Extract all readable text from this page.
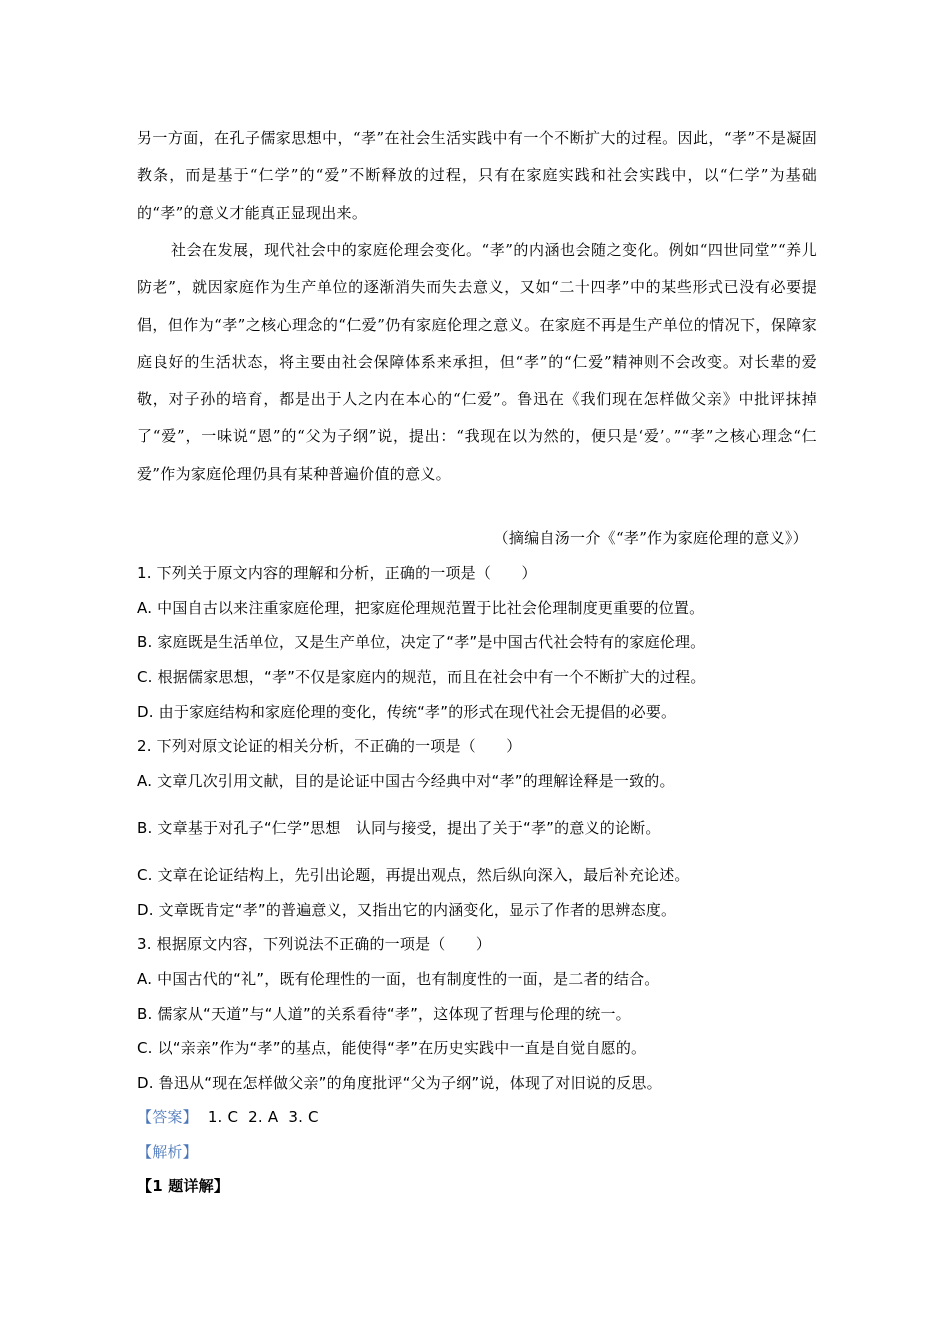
另一方面，在孔子儒家思想中，“孝”在社会生活实践中有一个不断扩大的过程。因此，“孝”不是凝固教条，而是基于“仁学”的“爱”不断释放的过程，只有在家庭实践和社会实践中，以“仁学”为基础的“孝”的意义才能真正显现出来。
社会在发展，现代社会中的家庭伦理会变化。“孝”的内涵也会随之变化。例如“四世同堂”“养儿防老”，就因家庭作为生产单位的逐渐消失而失去意义，又如“二十四孝”中的某些形式已没有必要提倡，但作为“孝”之核心理念的“仁爱”仍有家庭伦理之意义。在家庭不再是生产单位的情况下，保障家庭良好的生活状态，将主要由社会保障体系来承担，但“孝”的“仁爱”精神则不会改变。对长辈的爱敬，对子孙的培育，都是出于人之内在本心的“仁爱”。鲁迅在《我们现在怎样做父亲》中批评抹掉了“爱”，一味说“恩”的“父为子纲”说，提出：“我现在以为然的，便只是‘爱’。”“孝”之核心理念“仁爱”作为家庭伦理仍具有某种普遍价值的意义。
（摘编自汤一介《“孝”作为家庭伦理的意义》）
1. 下列关于原文内容的理解和分析，正确的一项是（　　）
A. 中国自古以来注重家庭伦理，把家庭伦理规范置于比社会伦理制度更重要的位置。
B. 家庭既是生活单位，又是生产单位，决定了“孝”是中国古代社会特有的家庭伦理。
C. 根据儒家思想，“孝”不仅是家庭内的规范，而且在社会中有一个不断扩大的过程。
D. 由于家庭结构和家庭伦理的变化，传统“孝”的形式在现代社会无提倡的必要。
2. 下列对原文论证的相关分析，不正确的一项是（　　）
A. 文章几次引用文献，目的是论证中国古今经典中对“孝”的理解诠释是一致的。
B. 文章基于对孔子“仁学”思想　认同与接受，提出了关于“孝”的意义的论断。
C. 文章在论证结构上，先引出论题，再提出观点，然后纵向深入，最后补充论述。
D. 文章既肯定“孝”的普遍意义，又指出它的内涵变化，显示了作者的思辨态度。
3. 根据原文内容，下列说法不正确的一项是（　　）
A. 中国古代的“礼”，既有伦理性的一面，也有制度性的一面，是二者的结合。
B. 儒家从“天道”与“人道”的关系看待“孝”，这体现了哲理与伦理的统一。
C. 以“亲亲”作为“孝”的基点，能使得“孝”在历史实践中一直是自觉自愿的。
D. 鲁迅从“现在怎样做父亲”的角度批评“父为子纲”说，体现了对旧说的反思。
【答案】 1. C 2. A 3. C
【解析】
【1 题详解】
